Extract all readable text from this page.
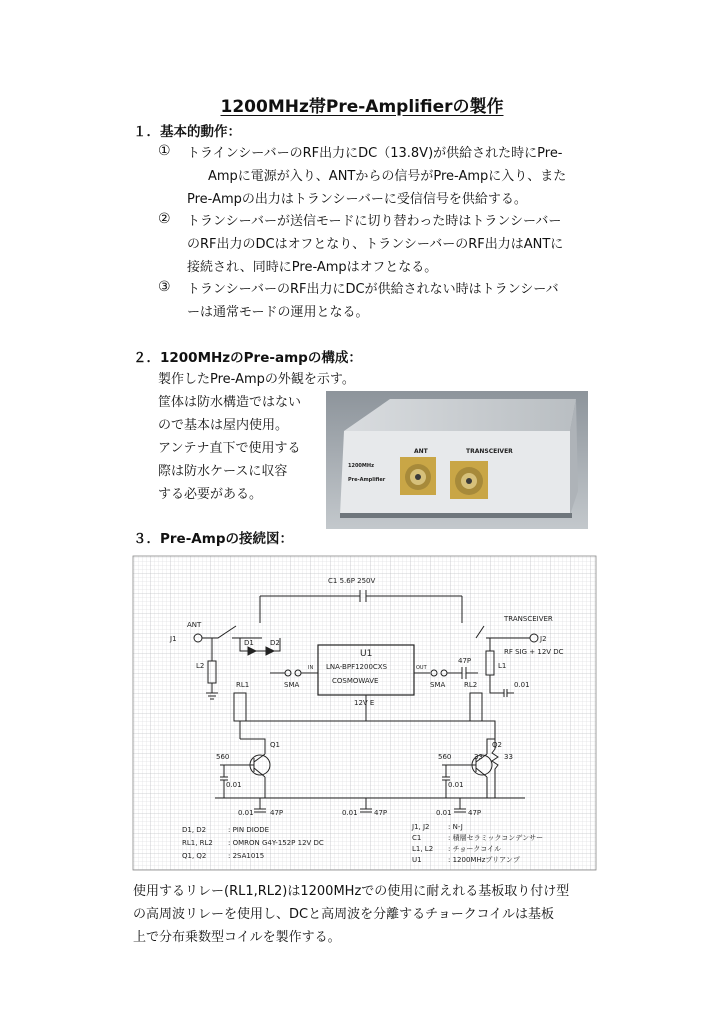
1200MHz帯Pre-Amplifierの製作
１．基本的動作：
① トラインシーバーのRF出力にDC（13.8V)が供給された時にPre-
Ampに電源が入り、ANTからの信号がPre-Ampに入り、また
Pre-Ampの出力はトランシーバーに受信信号を供給する。
② トランシーバーが送信モードに切り替わった時はトランシーバー
のRF出力のDCはオフとなり、トランシーバーのRF出力はANTに
接続され、同時にPre-Ampはオフとなる。
③ トランシーバーのRF出力にDCが供給されない時はトランシーバ
ーは通常モードの運用となる。
２．1200MHzのPre-ampの構成：
製作したPre-Ampの外観を示す。
筐体は防水構造ではない
ので基本は屋内使用。
アンテナ直下で使用する
際は防水ケースに収容
する必要がある。
ANT	TRANSCEIVER
1200MHz
Pre-Amplifier
３．Pre-Ampの接続図：
C1 5.6P 250V
ANT
J1
TRANSCEIVER
J2
RF SIG + 12V DC
D1 D2
L2	L1
U1
LNA-BPF1200CXS
COSMOWAVE
IN	OUT
12V E
SMA	SMA
47P
RL1	RL2	0.01
Q1	Q2
560	560
0.01	0.01
33	33
0.01 47P	0.01 47P	0.01 47P
D1, D2	: PIN DIODE
RL1, RL2 : OMRON G4Y-152P 12V DC
Q1, Q2	: 2SA1015
J1, J2	: N-J
C1	: 積層セラミックコンデンサー
L1, L2 : チョークコイル
U1	: 1200MHzプリアンプ
使用するリレー(RL1,RL2)は1200MHzでの使用に耐えれる基板取り付け型
の高周波リレーを使用し、DCと高周波を分離するチョークコイルは基板
上で分布乗数型コイルを製作する。
